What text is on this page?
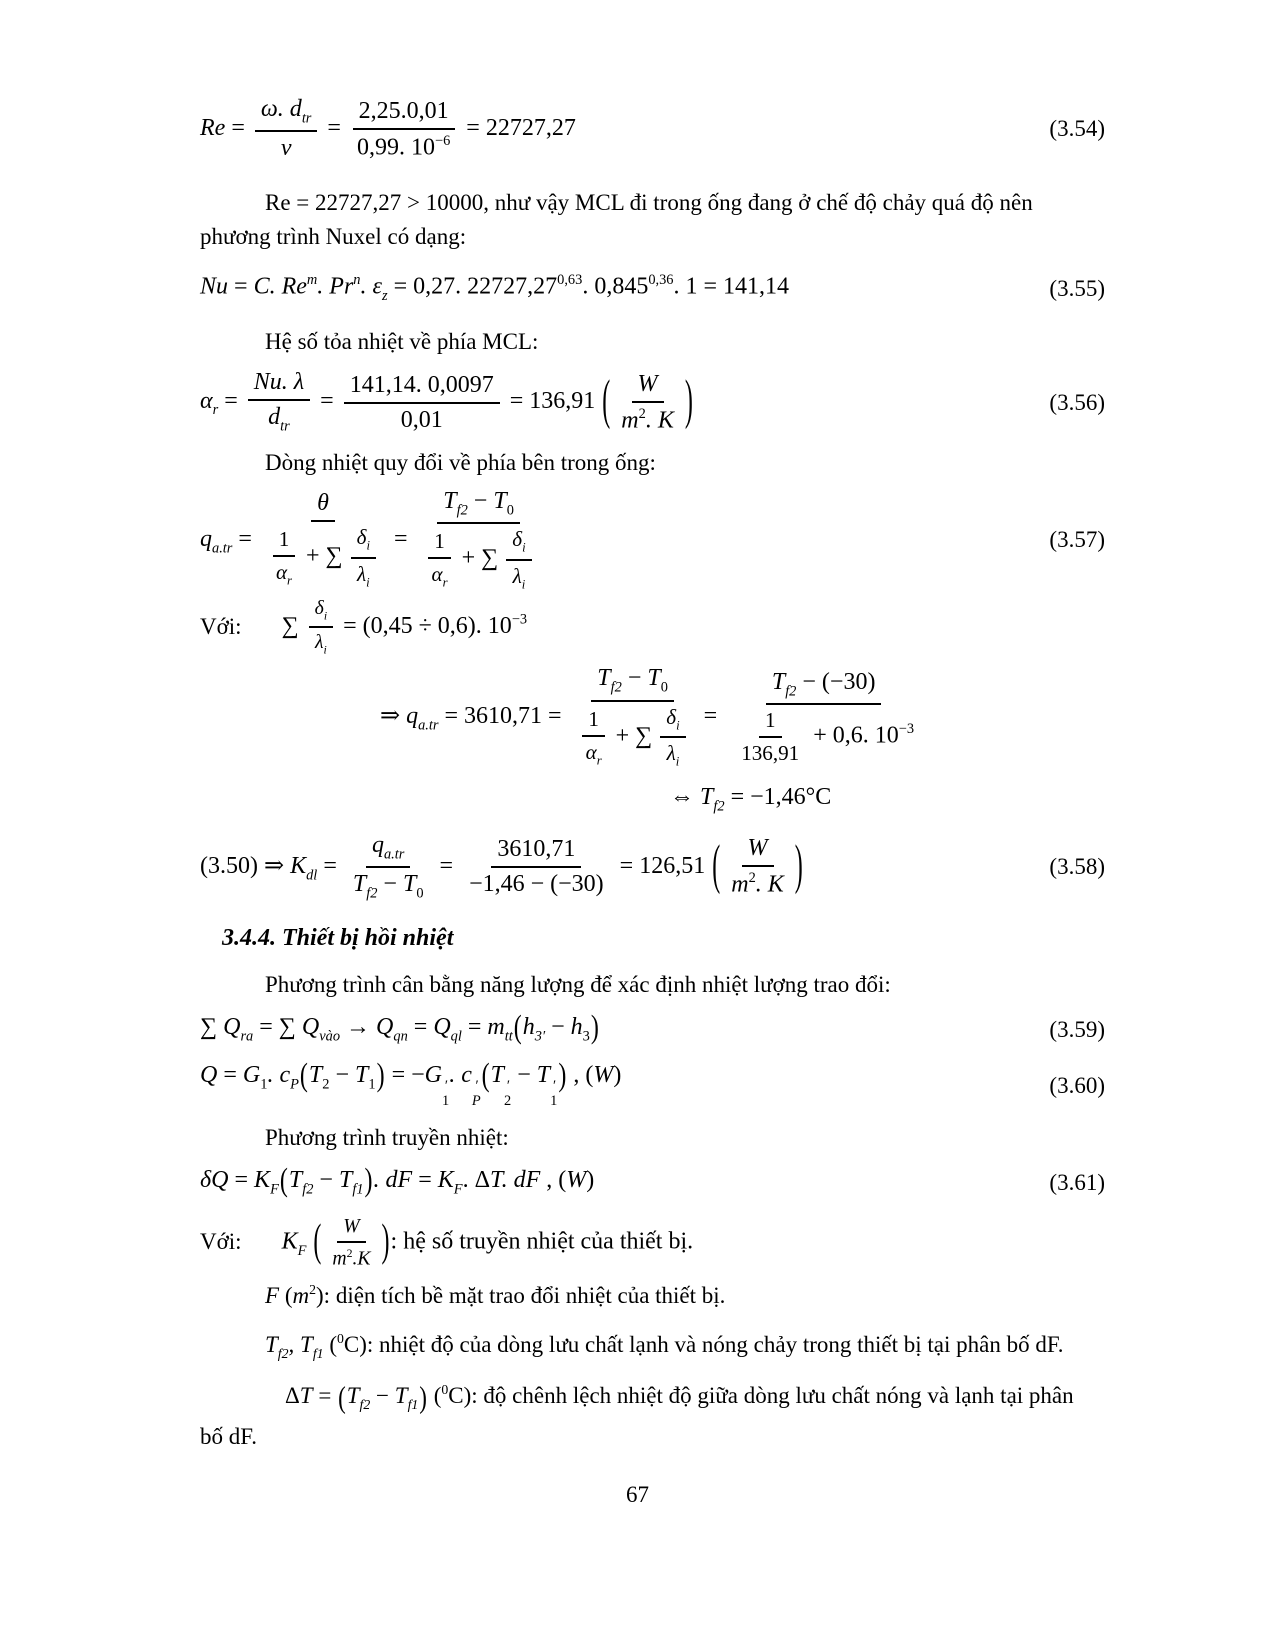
$Re = \frac{\omega. d_{tr}}{\nu} = \frac{2,25.0,01}{0,99. 10^{-6}} = 22727,27$	(3.54)
Re = 22727,27 > 10000, như vậy MCL đi trong ống đang ở chế độ chảy quá độ nên
phương trình Nuxel có dạng:
Nu = C. Re$^m$. Pr$^n$. $\varepsilon_z = 0,27$. 22727,27$^{0,63}$. 0,845$^{0,36}$. 1 = 141,14	(3.55)
Hệ số tỏa nhiệt về phía MCL:
$\alpha_r = \frac{Nu. \lambda}{d_{tr}} = \frac{141,14. 0,0097}{0,01} = 136,91$ ( $\frac{W}{m^2. K}$ )	(3.56)
Dòng nhiệt quy đổi về phía bên trong ống:
$q_{a.tr} = \frac{\theta}{\frac{1}{\alpha_r} + \sum \frac{\delta_i}{\lambda_i}} = \frac{T_{f2} - T_0}{\frac{1}{\alpha_r} + \sum \frac{\delta_i}{\lambda_i}}$	(3.57)
Với: ∑ $\frac{\delta_i}{\lambda_i} = (0,45 \div 0,6)$. $10^{-3}$
⇒ $q_{a.tr} = 3610,71 = \frac{T_{f2} - T_0}{\frac{1}{\alpha_r} + \sum \frac{\delta_i}{\lambda_i}} = \frac{T_{f2} - (-30)}{\frac{1}{136,91} + 0,6. 10^{-3}}$
⇔ $T_{f2} = -1,46^\circ C$
(3.50) ⇒ $K_{dl} = \frac{q_{a.tr}}{T_{f2} - T_0} = \frac{3610,71}{-1,46 - (-30)} = 126,51$ ( $\frac{W}{m^2. K}$ )	(3.58)
3.4.4. Thiết bị hồi nhiệt
Phương trình cân bằng năng lượng để xác định nhiệt lượng trao đổi:
∑ $Q_{ra}$ = ∑ $Q_{vào} \to Q_{qn} = Q_{ql} = m_{tt}(h_{3'} - h_3)$	(3.59)
$Q = G_1$. $c_P(T_2 - T_1) = -G$ ′
1
. c ′
P
(T ′
2
− T ′
1
) , (W)	(3.60)
Phương trình truyền nhiệt:
$\delta Q = K_F(T_{f2} - T_{f1})$. dF = $K_F$. ΔT. dF , (W)	(3.61)
Với: $K_F$ ( $\frac{W}{m^2.K}$ ): hệ số truyền nhiệt của thiết bị.
F $(m^2)$: diện tích bề mặt trao đổi nhiệt của thiết bị.
$T_{f2}$, $T_{f1}$ ($^0$C): nhiệt độ của dòng lưu chất lạnh và nóng chảy trong thiết bị tại phân bố dF.
$\Delta T = (T_{f2} - T_{f1})$ ($^0$C): độ chênh lệch nhiệt độ giữa dòng lưu chất nóng và lạnh tại phân
bố dF.
67
